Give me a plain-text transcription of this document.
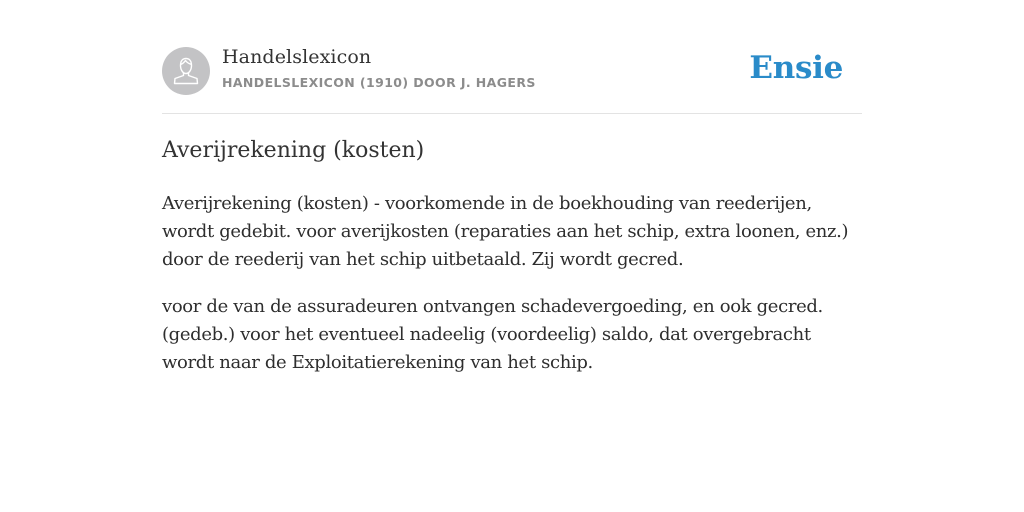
Handelslexicon
HANDELSLEXICON (1910) DOOR J. HAGERS	Ensie
Averijrekening (kosten)

Averijrekening (kosten) - voorkomende in de boekhouding van reederijen, wordt gedebit. voor averijkosten (reparaties aan het schip, extra loonen, enz.) door de reederij van het schip uitbetaald. Zij wordt gecred.

voor de van de assuradeuren ontvangen schadevergoeding, en ook gecred. (gedeb.) voor het eventueel nadeelig (voordeelig) saldo, dat overgebracht wordt naar de Exploitatierekening van het schip.
